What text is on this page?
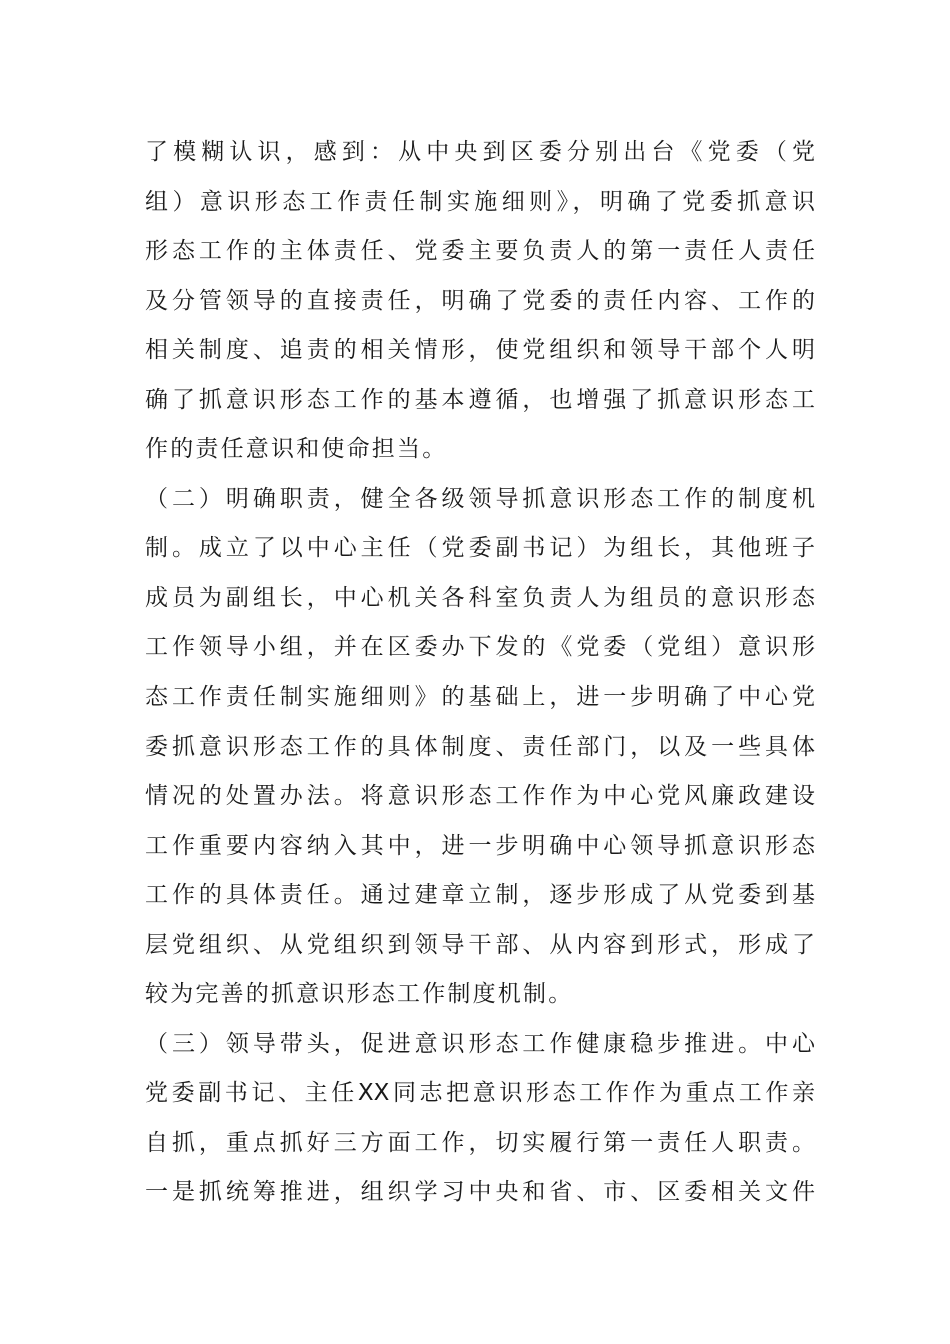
了模糊认识，感到：从中央到区委分别出台《党委（党
组）意识形态工作责任制实施细则》，明确了党委抓意识
形态工作的主体责任、党委主要负责人的第一责任人责任
及分管领导的直接责任，明确了党委的责任内容、工作的
相关制度、追责的相关情形，使党组织和领导干部个人明
确了抓意识形态工作的基本遵循，也增强了抓意识形态工
作的责任意识和使命担当。
（二）明确职责，健全各级领导抓意识形态工作的制度机
制。成立了以中心主任（党委副书记）为组长，其他班子
成员为副组长，中心机关各科室负责人为组员的意识形态
工作领导小组，并在区委办下发的《党委（党组）意识形
态工作责任制实施细则》的基础上，进一步明确了中心党
委抓意识形态工作的具体制度、责任部门，以及一些具体
情况的处置办法。将意识形态工作作为中心党风廉政建设
工作重要内容纳入其中，进一步明确中心领导抓意识形态
工作的具体责任。通过建章立制，逐步形成了从党委到基
层党组织、从党组织到领导干部、从内容到形式，形成了
较为完善的抓意识形态工作制度机制。
（三）领导带头，促进意识形态工作健康稳步推进。中心
党委副书记、主任XX同志把意识形态工作作为重点工作亲
自抓，重点抓好三方面工作，切实履行第一责任人职责。
一是抓统筹推进，组织学习中央和省、市、区委相关文件
